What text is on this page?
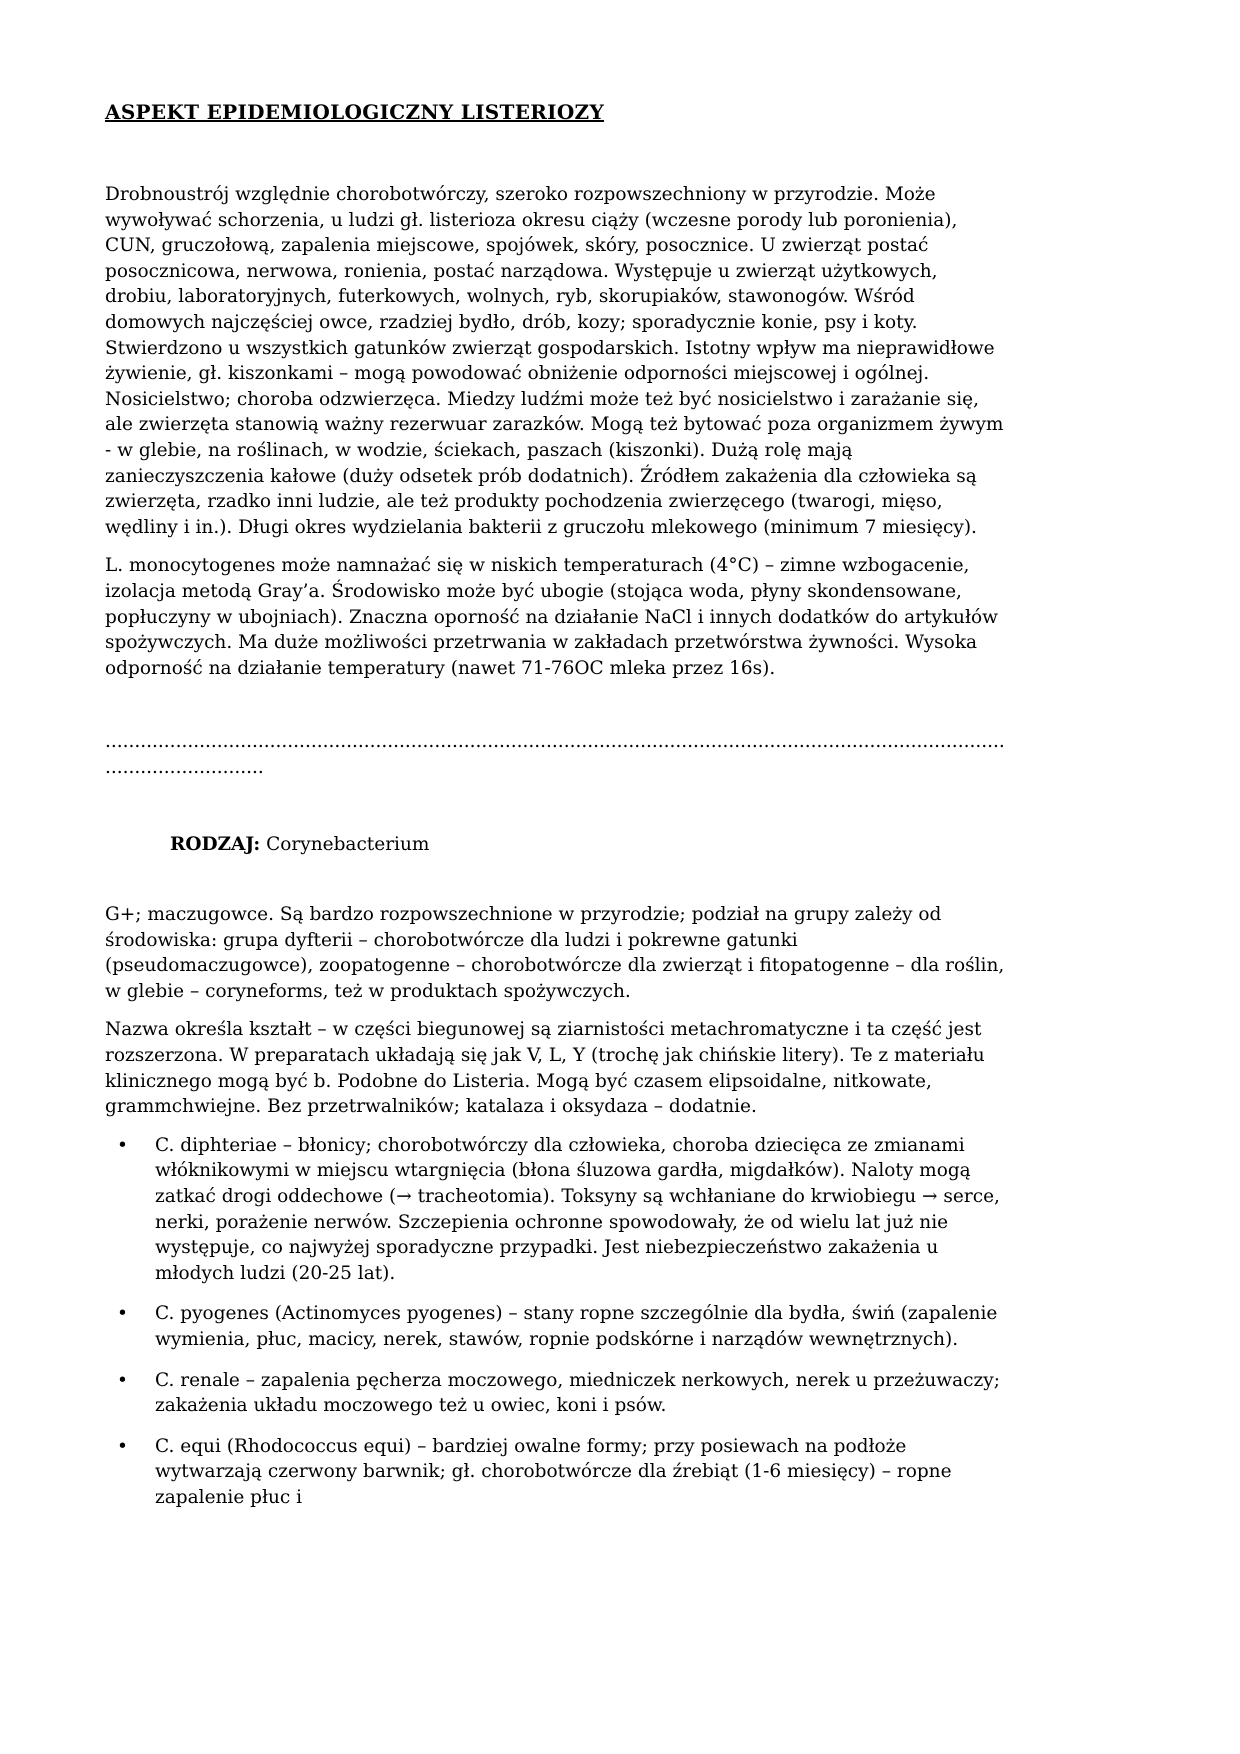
ASPEKT EPIDEMIOLOGICZNY LISTERIOZY

Drobnoustrój względnie chorobotwórczy, szeroko rozpowszechniony w przyrodzie. Może wywoływać schorzenia, u ludzi gł. listerioza okresu ciąży (wczesne porody lub poronienia), CUN, gruczołową, zapalenia miejscowe, spojówek, skóry, posocznice. U zwierząt postać posocznicowa, nerwowa, ronienia, postać narządowa. Występuje u zwierząt użytkowych, drobiu, laboratoryjnych, futerkowych, wolnych, ryb, skorupiaków, stawonogów. Wśród domowych najczęściej owce, rzadziej bydło, drób, kozy; sporadycznie konie, psy i koty. Stwierdzono u wszystkich gatunków zwierząt gospodarskich. Istotny wpływ ma nieprawidłowe żywienie, gł. kiszonkami – mogą powodować obniżenie odporności miejscowej i ogólnej. Nosicielstwo; choroba odzwierzęca. Miedzy ludźmi może też być nosicielstwo i zarażanie się, ale zwierzęta stanowią ważny rezerwuar zarazków. Mogą też bytować poza organizmem żywym - w glebie, na roślinach, w wodzie, ściekach, paszach (kiszonki). Dużą rolę mają zanieczyszczenia kałowe (duży odsetek prób dodatnich). Źródłem zakażenia dla człowieka są zwierzęta, rzadko inni ludzie, ale też produkty pochodzenia zwierzęcego (twarogi, mięso, wędliny i in.). Długi okres wydzielania bakterii z gruczołu mlekowego (minimum 7 miesięcy).

L. monocytogenes może namnażać się w niskich temperaturach (4°C) – zimne wzbogacenie, izolacja metodą Gray’a. Środowisko może być ubogie (stojąca woda, płyny skondensowane, popłuczyny w ubojniach). Znaczna oporność na działanie NaCl i innych dodatków do artykułów spożywczych. Ma duże możliwości przetrwania w zakładach przetwórstwa żywności. Wysoka odporność na działanie temperatury (nawet 71-76OC mleka przez 16s).

....................................................................................................................................................................................

RODZAJ: Corynebacterium

G+; maczugowce. Są bardzo rozpowszechnione w przyrodzie; podział na grupy zależy od środowiska: grupa dyfterii – chorobotwórcze dla ludzi i pokrewne gatunki (pseudomaczugowce), zoopatogenne – chorobotwórcze dla zwierząt i fitopatogenne – dla roślin, w glebie – coryneforms, też w produktach spożywczych.

Nazwa określa kształt – w części biegunowej są ziarnistości metachromatyczne i ta część jest rozszerzona. W preparatach układają się jak V, L, Y (trochę jak chińskie litery). Te z materiału klinicznego mogą być b. Podobne do Listeria. Mogą być czasem elipsoidalne, nitkowate, grammchwiejne. Bez przetrwalników; katalaza i oksydaza – dodatnie.

• C. diphteriae – błonicy; chorobotwórczy dla człowieka, choroba dziecięca ze zmianami włóknikowymi w miejscu wtargnięcia (błona śluzowa gardła, migdałków). Naloty mogą zatkać drogi oddechowe (→ tracheotomia). Toksyny są wchłaniane do krwiobiegu → serce, nerki, porażenie nerwów. Szczepienia ochronne spowodowały, że od wielu lat już nie występuje, co najwyżej sporadyczne przypadki. Jest niebezpieczeństwo zakażenia u młodych ludzi (20-25 lat).
• C. pyogenes (Actinomyces pyogenes) – stany ropne szczególnie dla bydła, świń (zapalenie wymienia, płuc, macicy, nerek, stawów, ropnie podskórne i narządów wewnętrznych).
• C. renale – zapalenia pęcherza moczowego, miedniczek nerkowych, nerek u przeżuwaczy; zakażenia układu moczowego też u owiec, koni i psów.
• C. equi (Rhodococcus equi) – bardziej owalne formy; przy posiewach na podłoże wytwarzają czerwony barwnik; gł. chorobotwórcze dla źrebiąt (1-6 miesięcy) – ropne zapalenie płuc i
